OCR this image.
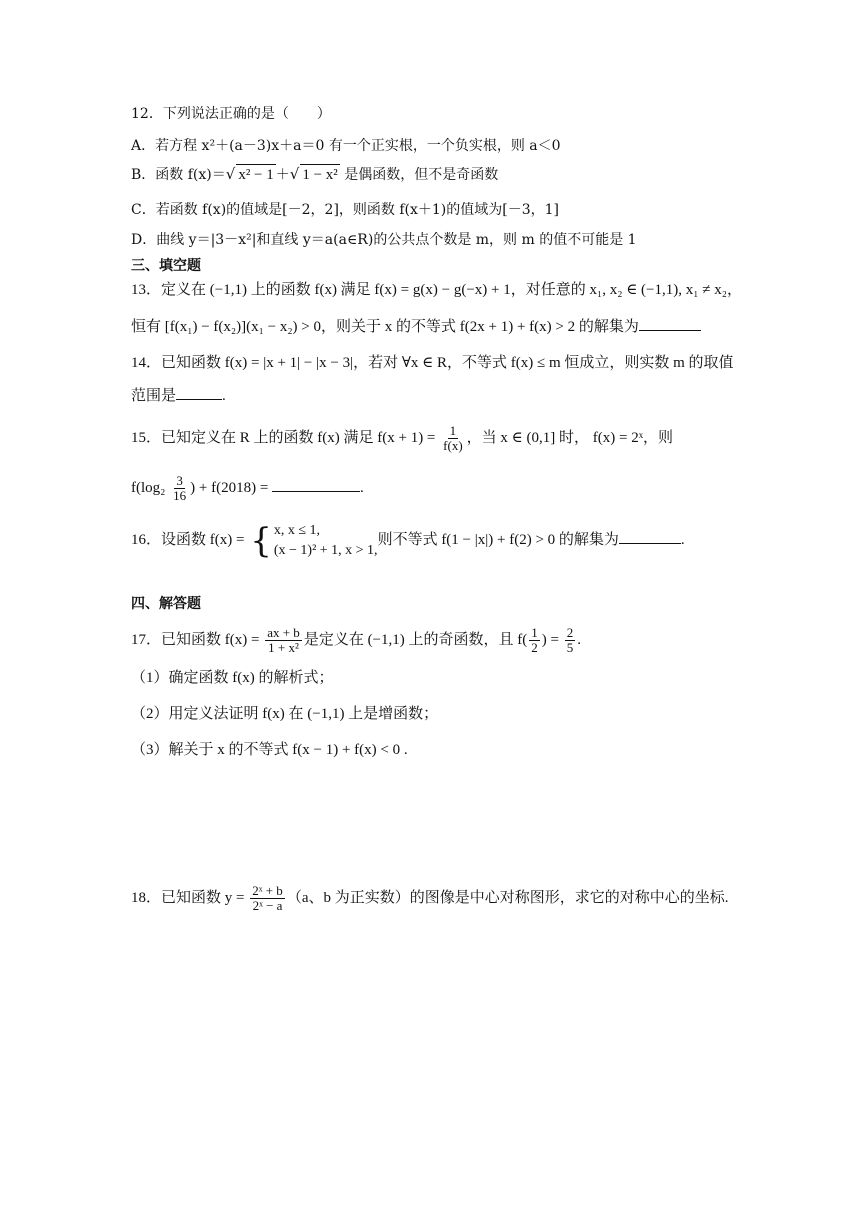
12．下列说法正确的是（　　）
A．若方程 x²＋(a－3)x＋a＝0 有一个正实根，一个负实根，则 a＜0
B．函数 f(x)＝√ x² − 1 ＋√ 1 − x² 是偶函数，但不是奇函数
C．若函数 f(x)的值域是[－2，2]，则函数 f(x＋1)的值域为[－3，1]
D．曲线 y＝|3－x²|和直线 y＝a(a∈R)的公共点个数是 m，则 m 的值不可能是 1
三、填空题
13．定义在 (−1,1) 上的函数 f(x) 满足 f(x) = g(x) − g(−x) + 1，对任意的 x₁, x₂ ∈ (−1,1), x₁ ≠ x₂，
恒有 [f(x₁) − f(x₂)](x₁ − x₂) > 0，则关于 x 的不等式 f(2x + 1) + f(x) > 2 的解集为
14．已知函数 f(x) = |x + 1| − |x − 3|，若对 ∀x ∈ R，不等式 f(x) ≤ m 恒成立，则实数 m 的取值
范围是	.
15．已知定义在 R 上的函数 f(x) 满足 $f(x + 1) = \frac{1}{f(x)}$ ，当 x ∈ (0,1] 时， f(x) = 2ˣ，则
$f(\log_2 \frac{3}{16}$ ) + f(2018) =	.
16．设函数 f(x) = { x, x ≤ 1,
(x − 1)² + 1, x > 1,
则不等式 f(1 − |x|) + f(2) > 0 的解集为	.
四、解答题
17．已知函数 $f(x) = \frac{ax + b}{\text{1 + x²}}$ 是定义在 (−1,1) 上的奇函数，且 $f( \frac{1}{2}$ ) = $\frac{2}{5}$ .
（1）确定函数 f(x) 的解析式；
（2）用定义法证明 f(x) 在 (−1,1) 上是增函数；
（3）解关于 x 的不等式 f(x − 1) + f(x) < 0 .
18．已知函数 $y = \frac{\text{2ˣ + b}}{\text{2ˣ − a}} (a$、b 为正实数）的图像是中心对称图形，求它的对称中心的坐标.
